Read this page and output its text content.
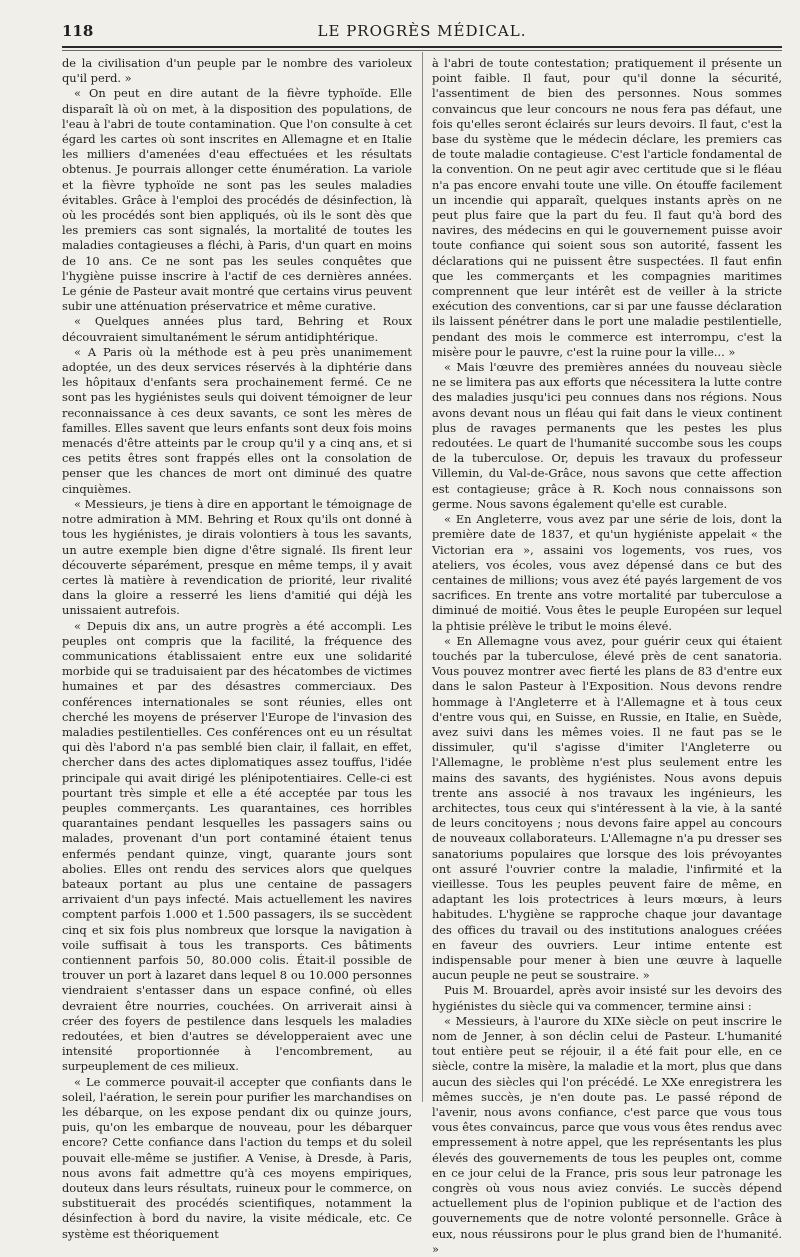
118	LE PROGRÈS MÉDICAL.

de la civilisation d'un peuple par le nombre des varioleux qu'il perd. »

« On peut en dire autant de la fièvre typhoïde. Elle disparaît là où on met, à la disposition des populations, de l'eau à l'abri de toute contamination. Que l'on consulte à cet égard les cartes où sont inscrites en Allemagne et en Italie les milliers d'amenées d'eau effectuées et les résultats obtenus. Je pourrais allonger cette énumération. La variole et la fièvre typhoïde ne sont pas les seules maladies évitables. Grâce à l'emploi des procédés de désinfection, là où les procédés sont bien appliqués, où ils le sont dès que les premiers cas sont signalés, la mortalité de toutes les maladies contagieuses a fléchi, à Paris, d'un quart en moins de 10 ans. Ce ne sont pas les seules conquêtes que l'hygiène puisse inscrire à l'actif de ces dernières années. Le génie de Pasteur avait montré que certains virus peuvent subir une atténuation préservatrice et même curative.

« Quelques années plus tard, Behring et Roux découvraient simultanément le sérum antidiphtérique.

« A Paris où la méthode est à peu près unanimement adoptée, un des deux services réservés à la diphtérie dans les hôpitaux d'enfants sera prochainement fermé. Ce ne sont pas les hygiénistes seuls qui doivent témoigner de leur reconnaissance à ces deux savants, ce sont les mères de familles. Elles savent que leurs enfants sont deux fois moins menacés d'être atteints par le croup qu'il y a cinq ans, et si ces petits êtres sont frappés elles ont la consolation de penser que les chances de mort ont diminué des quatre cinquièmes.

« Messieurs, je tiens à dire en apportant le témoignage de notre admiration à MM. Behring et Roux qu'ils ont donné à tous les hygiénistes, je dirais volontiers à tous les savants, un autre exemple bien digne d'être signalé. Ils firent leur découverte séparément, presque en même temps, il y avait certes là matière à revendication de priorité, leur rivalité dans la gloire a resserré les liens d'amitié qui déjà les unissaient autrefois.

« Depuis dix ans, un autre progrès a été accompli. Les peuples ont compris que la facilité, la fréquence des communications établissaient entre eux une solidarité morbide qui se traduisaient par des hécatombes de victimes humaines et par des désastres commerciaux. Des conférences internationales se sont réunies, elles ont cherché les moyens de préserver l'Europe de l'invasion des maladies pestilentielles. Ces conférences ont eu un résultat qui dès l'abord n'a pas semblé bien clair, il fallait, en effet, chercher dans des actes diplomatiques assez touffus, l'idée principale qui avait dirigé les plénipotentiaires. Celle-ci est pourtant très simple et elle a été acceptée par tous les peuples commerçants. Les quarantaines, ces horribles quarantaines pendant lesquelles les passagers sains ou malades, provenant d'un port contaminé étaient tenus enfermés pendant quinze, vingt, quarante jours sont abolies. Elles ont rendu des services alors que quelques bateaux portant au plus une centaine de passagers arrivaient d'un pays infecté. Mais actuellement les navires comptent parfois 1.000 et 1.500 passagers, ils se succèdent cinq et six fois plus nombreux que lorsque la navigation à voile suffisait à tous les transports. Ces bâtiments contiennent parfois 50, 80.000 colis. Était-il possible de trouver un port à lazaret dans lequel 8 ou 10.000 personnes viendraient s'entasser dans un espace confiné, où elles devraient être nourries, couchées. On arriverait ainsi à créer des foyers de pestilence dans lesquels les maladies redoutées, et bien d'autres se développeraient avec une intensité proportionnée à l'encombrement, au surpeuplement de ces milieux.

« Le commerce pouvait-il accepter que confiants dans le soleil, l'aération, le serein pour purifier les marchandises on les débarque, on les expose pendant dix ou quinze jours, puis, qu'on les embarque de nouveau, pour les débarquer encore? Cette confiance dans l'action du temps et du soleil pouvait elle-même se justifier. A Venise, à Dresde, à Paris, nous avons fait admettre qu'à ces moyens empiriques, douteux dans leurs résultats, ruineux pour le commerce, on substituerait des procédés scientifiques, notamment la désinfection à bord du navire, la visite médicale, etc. Ce système est théoriquement

à l'abri de toute contestation; pratiquement il présente un point faible. Il faut, pour qu'il donne la sécurité, l'assentiment de bien des personnes. Nous sommes convaincus que leur concours ne nous fera pas défaut, une fois qu'elles seront éclairés sur leurs devoirs. Il faut, c'est la base du système que le médecin déclare, les premiers cas de toute maladie contagieuse. C'est l'article fondamental de la convention. On ne peut agir avec certitude que si le fléau n'a pas encore envahi toute une ville. On étouffe facilement un incendie qui apparaît, quelques instants après on ne peut plus faire que la part du feu. Il faut qu'à bord des navires, des médecins en qui le gouvernement puisse avoir toute confiance qui soient sous son autorité, fassent les déclarations qui ne puissent être suspectées. Il faut enfin que les commerçants et les compagnies maritimes comprennent que leur intérêt est de veiller à la stricte exécution des conventions, car si par une fausse déclaration ils laissent pénétrer dans le port une maladie pestilentielle, pendant des mois le commerce est interrompu, c'est la misère pour le pauvre, c'est la ruine pour la ville... »

« Mais l'œuvre des premières années du nouveau siècle ne se limitera pas aux efforts que nécessitera la lutte contre des maladies jusqu'ici peu connues dans nos régions. Nous avons devant nous un fléau qui fait dans le vieux continent plus de ravages permanents que les pestes les plus redoutées. Le quart de l'humanité succombe sous les coups de la tuberculose. Or, depuis les travaux du professeur Villemin, du Val-de-Grâce, nous savons que cette affection est contagieuse; grâce à R. Koch nous connaissons son germe. Nous savons également qu'elle est curable.

« En Angleterre, vous avez par une série de lois, dont la première date de 1837, et qu'un hygiéniste appelait « the Victorian era », assaini vos logements, vos rues, vos ateliers, vos écoles, vous avez dépensé dans ce but des centaines de millions; vous avez été payés largement de vos sacrifices. En trente ans votre mortalité par tuberculose a diminué de moitié. Vous êtes le peuple Européen sur lequel la phtisie prélève le tribut le moins élevé.

« En Allemagne vous avez, pour guérir ceux qui étaient touchés par la tuberculose, élevé près de cent sanatoria. Vous pouvez montrer avec fierté les plans de 83 d'entre eux dans le salon Pasteur à l'Exposition. Nous devons rendre hommage à l'Angleterre et à l'Allemagne et à tous ceux d'entre vous qui, en Suisse, en Russie, en Italie, en Suède, avez suivi dans les mêmes voies. Il ne faut pas se le dissimuler, qu'il s'agisse d'imiter l'Angleterre ou l'Allemagne, le problème n'est plus seulement entre les mains des savants, des hygiénistes. Nous avons depuis trente ans associé à nos travaux les ingénieurs, les architectes, tous ceux qui s'intéressent à la vie, à la santé de leurs concitoyens ; nous devons faire appel au concours de nouveaux collaborateurs. L'Allemagne n'a pu dresser ses sanatoriums populaires que lorsque des lois prévoyantes ont assuré l'ouvrier contre la maladie, l'infirmité et la vieillesse. Tous les peuples peuvent faire de même, en adaptant les lois protectrices à leurs mœurs, à leurs habitudes. L'hygiène se rapproche chaque jour davantage des offices du travail ou des institutions analogues créées en faveur des ouvriers. Leur intime entente est indispensable pour mener à bien une œuvre à laquelle aucun peuple ne peut se soustraire. »

Puis M. Brouardel, après avoir insisté sur les devoirs des hygiénistes du siècle qui va commencer, termine ainsi :

« Messieurs, à l'aurore du XIXe siècle on peut inscrire le nom de Jenner, à son déclin celui de Pasteur. L'humanité tout entière peut se réjouir, il a été fait pour elle, en ce siècle, contre la misère, la maladie et la mort, plus que dans aucun des siècles qui l'on précédé. Le XXe enregistrera les mêmes succès, je n'en doute pas. Le passé répond de l'avenir, nous avons confiance, c'est parce que vous tous vous êtes convaincus, parce que vous vous êtes rendus avec empressement à notre appel, que les représentants les plus élevés des gouvernements de tous les peuples ont, comme en ce jour celui de la France, pris sous leur patronage les congrès où vous nous aviez conviés. Le succès dépend actuellement plus de l'opinion publique et de l'action des gouvernements que de notre volonté personnelle. Grâce à eux, nous réussirons pour le plus grand bien de l'humanité. »
